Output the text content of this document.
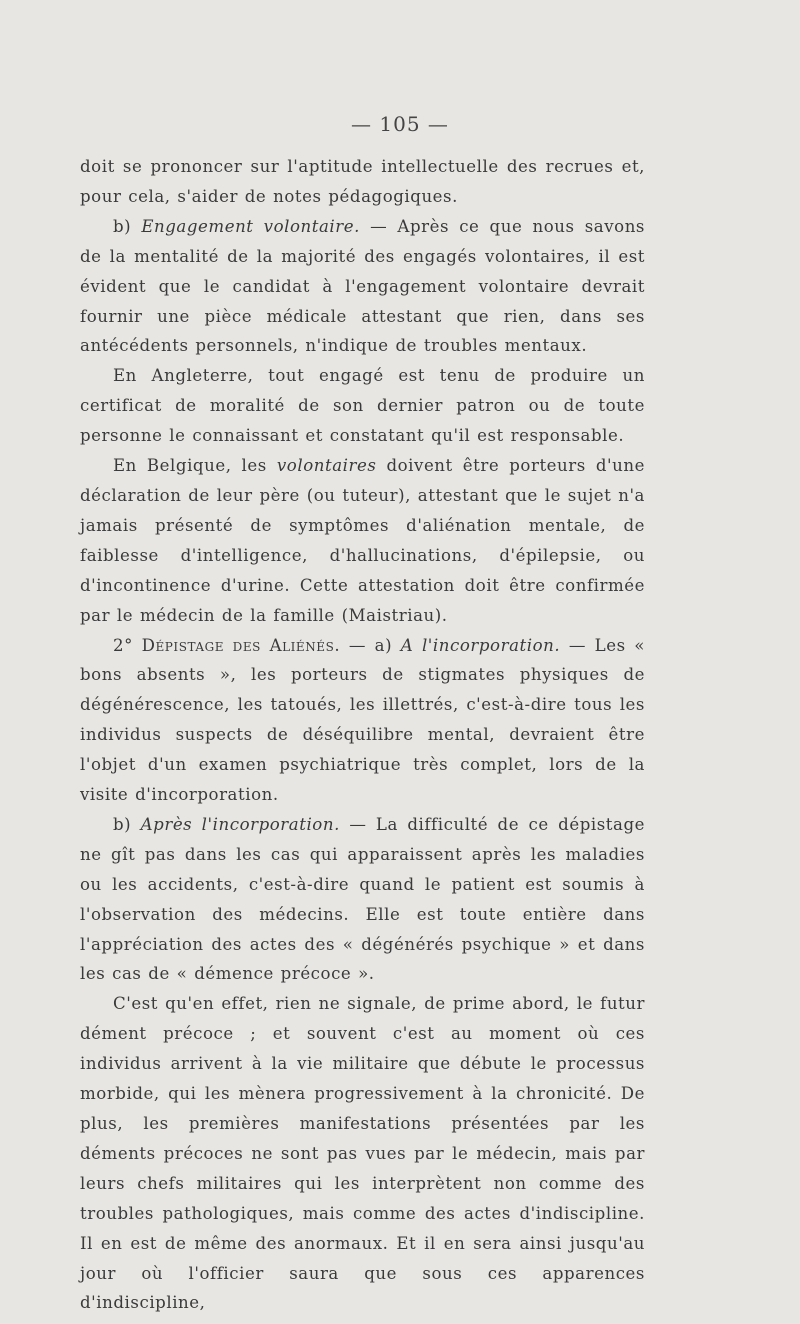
— 105 —

doit se prononcer sur l'aptitude intellectuelle des recrues et, pour cela, s'aider de notes pédagogiques.

b) Engagement volontaire. — Après ce que nous savons de la mentalité de la majorité des engagés volontaires, il est évident que le candidat à l'engagement volontaire devrait fournir une pièce médicale attestant que rien, dans ses antécédents personnels, n'indique de troubles mentaux.

En Angleterre, tout engagé est tenu de produire un certificat de moralité de son dernier patron ou de toute personne le connaissant et constatant qu'il est responsable.

En Belgique, les volontaires doivent être porteurs d'une déclaration de leur père (ou tuteur), attestant que le sujet n'a jamais présenté de symptômes d'aliénation mentale, de faiblesse d'intelligence, d'hallucinations, d'épilepsie, ou d'incontinence d'urine. Cette attestation doit être confirmée par le médecin de la famille (Maistriau).

2° Dépistage des Aliénés. — a) A l'incorporation. — Les « bons absents », les porteurs de stigmates physiques de dégénérescence, les tatoués, les illettrés, c'est-à-dire tous les individus suspects de déséquilibre mental, devraient être l'objet d'un examen psychiatrique très complet, lors de la visite d'incorporation.

b) Après l'incorporation. — La difficulté de ce dépistage ne gît pas dans les cas qui apparaissent après les maladies ou les accidents, c'est-à-dire quand le patient est soumis à l'observation des médecins. Elle est toute entière dans l'appréciation des actes des « dégénérés psychique » et dans les cas de « démence précoce ».

C'est qu'en effet, rien ne signale, de prime abord, le futur dément précoce ; et souvent c'est au moment où ces individus arrivent à la vie militaire que débute le processus morbide, qui les mènera progressivement à la chronicité. De plus, les premières manifestations présentées par les déments précoces ne sont pas vues par le médecin, mais par leurs chefs militaires qui les interprètent non comme des troubles pathologiques, mais comme des actes d'indiscipline. Il en est de même des anormaux. Et il en sera ainsi jusqu'au jour où l'officier saura que sous ces apparences d'indiscipline,
